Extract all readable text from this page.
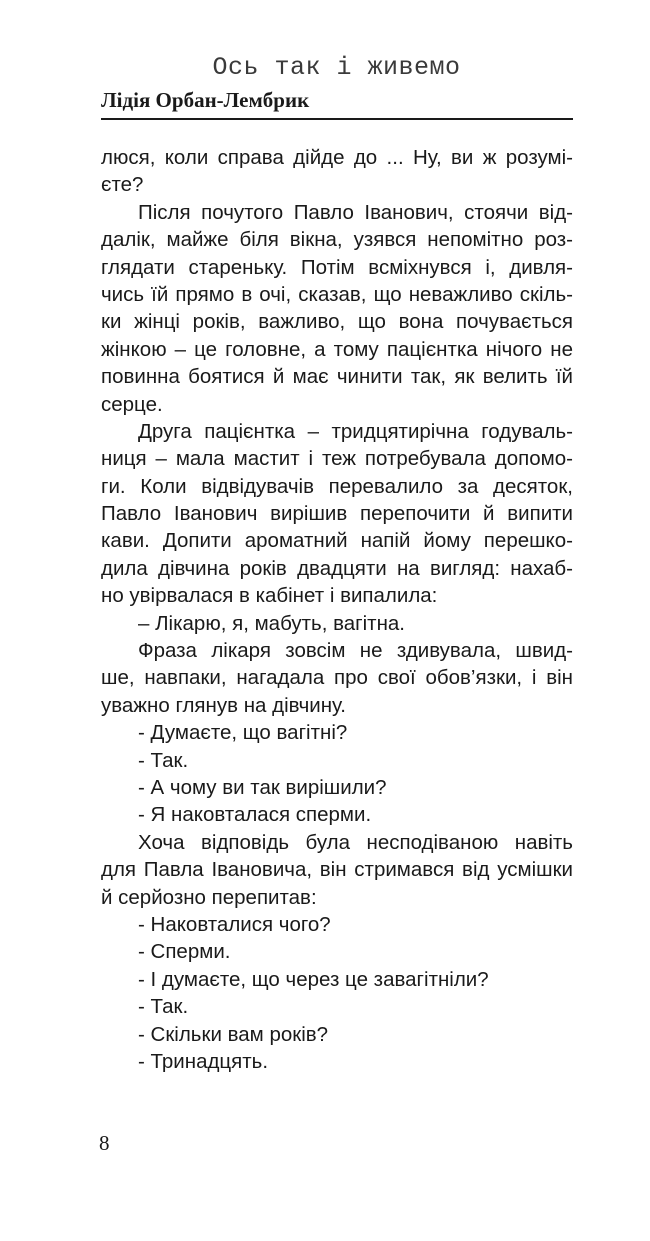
Ось так і живемо
Лідія Орбан-Лембрик
люся, коли справа дійде до ... Ну, ви ж розумі-
єте?
Після почутого Павло Іванович, стоячи від-
далік, майже біля вікна, узявся непомітно роз-
глядати стареньку. Потім всміхнувся і, дивля-
чись їй прямо в очі, сказав, що неважливо скіль-
ки жінці років, важливо, що вона почувається
жінкою – це головне, а тому пацієнтка нічого не
повинна боятися й має чинити так, як велить їй
серце.
Друга пацієнтка – тридцятирічна годуваль-
ниця – мала мастит і теж потребувала допомо-
ги. Коли відвідувачів перевалило за десяток,
Павло Іванович вирішив перепочити й випити
кави. Допити ароматний напій йому перешко-
дила дівчина років двадцяти на вигляд: нахаб-
но увірвалася в кабінет і випалила:
– Лікарю, я, мабуть, вагітна.
Фраза лікаря зовсім не здивувала, швид-
ше, навпаки, нагадала про свої обов’язки, і він
уважно глянув на дівчину.
- Думаєте, що вагітні?
- Так.
- А чому ви так вирішили?
- Я наковталася сперми.
Хоча відповідь була несподіваною навіть
для Павла Івановича, він стримався від усмішки
й серйозно перепитав:
- Наковталися чого?
- Сперми.
- І думаєте, що через це завагітніли?
- Так.
- Скільки вам років?
- Тринадцять.
8
